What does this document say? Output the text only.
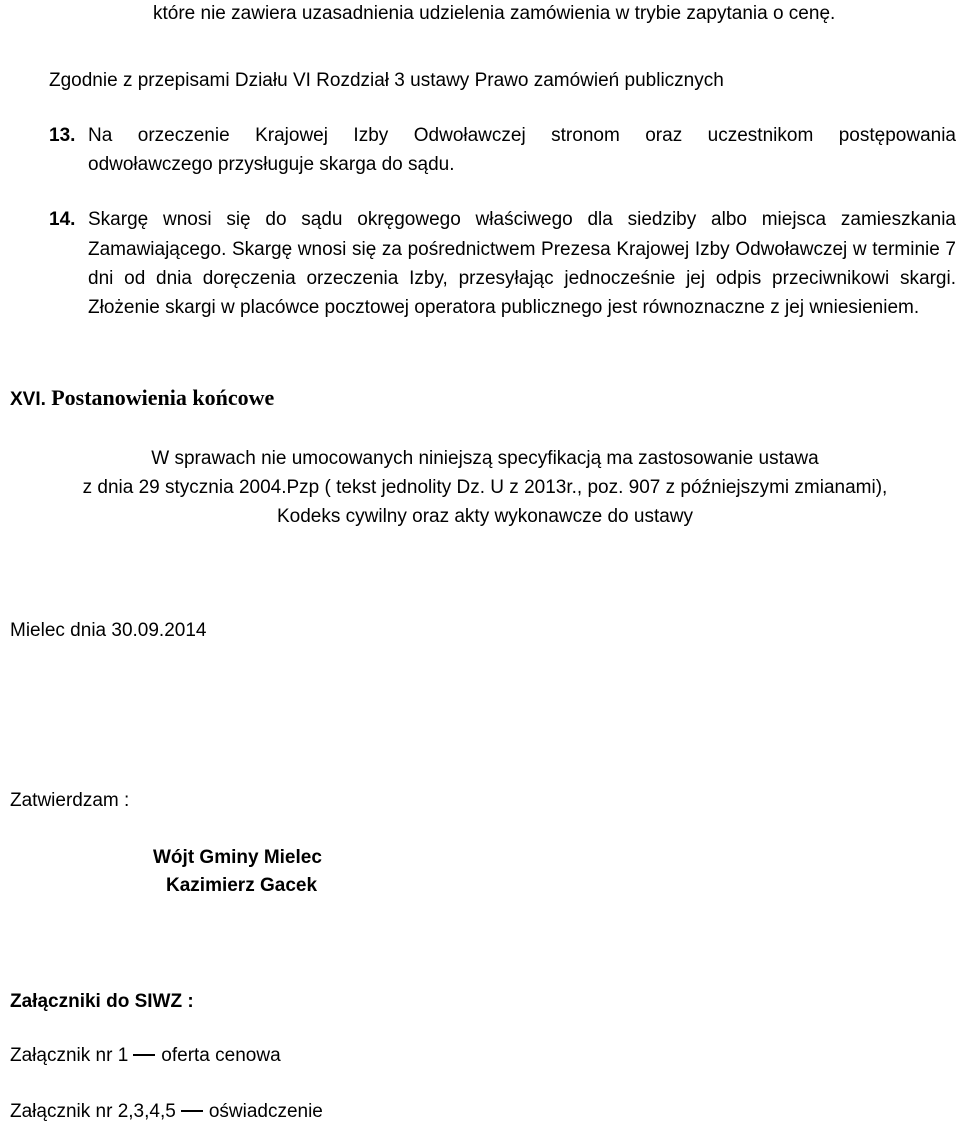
które nie zawiera uzasadnienia udzielenia zamówienia w trybie zapytania o cenę.
Zgodnie z przepisami Działu VI Rozdział 3 ustawy Prawo zamówień publicznych
13. Na orzeczenie Krajowej Izby Odwoławczej stronom oraz uczestnikom postępowania
odwoławczego przysługuje skarga do sądu.
14. Skargę wnosi się do sądu okręgowego właściwego dla siedziby albo miejsca zamieszkania
Zamawiającego. Skargę wnosi się za pośrednictwem Prezesa Krajowej Izby Odwoławczej w terminie 7 dni od dnia doręczenia orzeczenia Izby, przesyłając jednocześnie jej odpis przeciwnikowi skargi. Złożenie skargi w placówce pocztowej operatora publicznego jest równoznaczne z jej wniesieniem.
XVI. Postanowienia końcowe
W sprawach nie umocowanych niniejszą specyfikacją ma zastosowanie ustawa
z dnia 29 stycznia 2004.Pzp ( tekst jednolity Dz. U z 2013r., poz. 907 z późniejszymi zmianami),
Kodeks cywilny oraz akty wykonawcze do ustawy
Mielec dnia 30.09.2014
Zatwierdzam :
Wójt Gminy Mielec
Kazimierz Gacek
Załączniki do SIWZ :
Załącznik nr 1 oferta cenowa
Załącznik nr 2,3,4,5 oświadczenie
